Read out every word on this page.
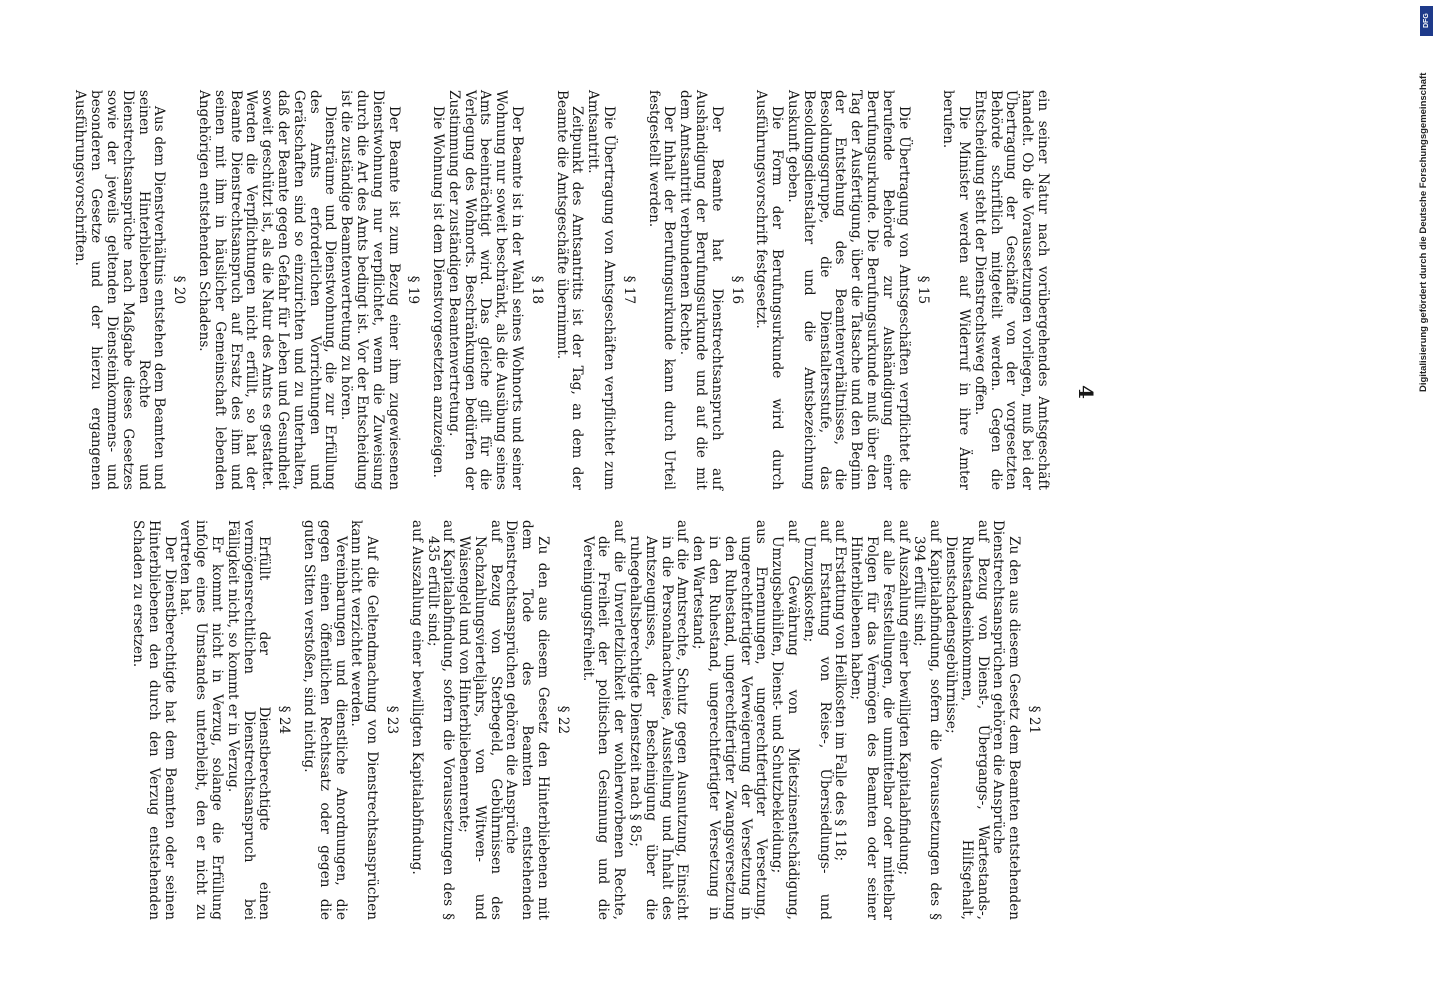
4

ein seiner Natur nach vorübergehendes Amtsgeschäft handelt. Ob die Voraussetzungen vorliegen, muß bei der Übertragung der Geschäfte von der vorgesetzten Behörde schriftlich mitgeteilt werden. Gegen die Entscheidung steht der Dienstrechtsweg offen.

Die Minister werden auf Widerruf in ihre Ämter berufen.

§ 15

Die Übertragung von Amtsgeschäften verpflichtet die berufende Behörde zur Aushändigung einer Berufungsurkunde. Die Berufungsurkunde muß über den Tag der Ausfertigung, über die Tatsache und den Beginn der Entstehung des Beamtenverhältnisses, die Besoldungsgruppe, die Dienstaltersstufe, das Besoldungsdienstalter und die Amtsbezeichnung Auskunft geben.

Die Form der Berufungsurkunde wird durch Ausführungsvorschrift festgesetzt.

§ 16

Der Beamte hat Dienstrechtsanspruch auf Aushändigung der Berufungsurkunde und auf die mit dem Amtsantritt verbundenen Rechte.

Der Inhalt der Berufungsurkunde kann durch Urteil festgestellt werden.

§ 17

Die Übertragung von Amtsgeschäften verpflichtet zum Amtsantritt.

Zeitpunkt des Amtsantritts ist der Tag, an dem der Beamte die Amtsgeschäfte übernimmt.

§ 18

Der Beamte ist in der Wahl seines Wohnorts und seiner Wohnung nur soweit beschränkt, als die Ausübung seines Amts beeinträchtigt wird. Das gleiche gilt für die Verlegung des Wohnorts. Beschränkungen bedürfen der Zustimmung der zuständigen Beamtenvertretung.

Die Wohnung ist dem Dienstvorgesetzten anzuzeigen.

§ 19

Der Beamte ist zum Bezug einer ihm zugewiesenen Dienstwohnung nur verpflichtet, wenn die Zuweisung durch die Art des Amts bedingt ist. Vor der Entscheidung ist die zuständige Beamtenvertretung zu hören.

Diensträume und Dienstwohnung, die zur Erfüllung des Amts erforderlichen Vorrichtungen und Gerätschaften sind so einzurichten und zu unterhalten, daß der Beamte gegen Gefahr für Leben und Gesundheit soweit geschützt ist, als die Natur des Amts es gestattet. Werden die Verpflichtungen nicht erfüllt, so hat der Beamte Dienstrechtsanspruch auf Ersatz des ihm und seinen mit ihm in häuslicher Gemeinschaft lebenden Angehörigen entstehenden Schadens.

§ 20

Aus dem Dienstverhältnis entstehen dem Beamten und seinen Hinterbliebenen Rechte und Dienstrechtsansprüche nach Maßgabe dieses Gesetzes sowie der jeweils geltenden Diensteinkommens- und besonderen Gesetze und der hierzu ergangenen Ausführungsvorschriften.

§ 21

Zu den aus diesem Gesetz dem Beamten entstehenden Dienstrechtsansprüchen gehören die Ansprüche

auf Bezug von Dienst-, Übergangs-, Wartestands-, Ruhestandseinkommen, Hilfsgehalt, Dienstschadensgebührnisse;

auf Kapitalabfindung, sofern die Voraussetzungen des § 394 erfüllt sind;

auf Auszahlung einer bewilligten Kapitalabfindung;

auf alle Feststellungen, die unmittelbar oder mittelbar Folgen für das Vermögen des Beamten oder seiner Hinterbliebenen haben;

auf Erstattung von Heilkosten im Falle des § 118;

auf Erstattung von Reise-, Übersiedlungs- und Umzugskosten;

auf Gewährung von Mietszinsentschädigung, Umzugsbeihilfen, Dienst- und Schutzbekleidung;

aus Ernennungen, ungerechtfertigter Versetzung, ungerechtfertigter Verweigerung der Versetzung in den Ruhestand, ungerechtfertigter Zwangsversetzung in den Ruhestand, ungerechtfertigter Versetzung in den Wartestand;

auf die Amtsrechte, Schutz gegen Ausnutzung, Einsicht in die Personalnachweise, Ausstellung und Inhalt des Amtszeugnisses, der Bescheinigung über die ruhegehaltsberechtigte Dienstzeit nach § 85;

auf die Unverletzlichkeit der wohlerworbenen Rechte, die Freiheit der politischen Gesinnung und die Vereinigungsfreiheit.

§ 22

Zu den aus diesem Gesetz den Hinterbliebenen mit dem Tode des Beamten entstehenden Dienstrechtsansprüchen gehören die Ansprüche

auf Bezug von Sterbegeld, Gebührnissen des Nachzahlungsvierteljahrs, von Witwen- und Waisengeld und von Hinterbliebenenrente;

auf Kapitalabfindung, sofern die Voraussetzungen des § 435 erfüllt sind;

auf Auszahlung einer bewilligten Kapitalabfindung.

§ 23

Auf die Geltendmachung von Dienstrechtsansprüchen kann nicht verzichtet werden.

Vereinbarungen und dienstliche Anordnungen, die gegen einen öffentlichen Rechtssatz oder gegen die guten Sitten verstoßen, sind nichtig.

§ 24

Erfüllt der Dienstberechtigte einen vermögensrechtlichen Dienstrechtsanspruch bei Fälligkeit nicht, so kommt er in Verzug.

Er kommt nicht in Verzug, solange die Erfüllung infolge eines Umstandes unterbleibt, den er nicht zu vertreten hat.

Der Dienstberechtigte hat dem Beamten oder seinen Hinterbliebenen den durch den Verzug entstehenden Schaden zu ersetzen.

DFG
Digitalisierung gefördert durch die Deutsche Forschungsgemeinschaft
